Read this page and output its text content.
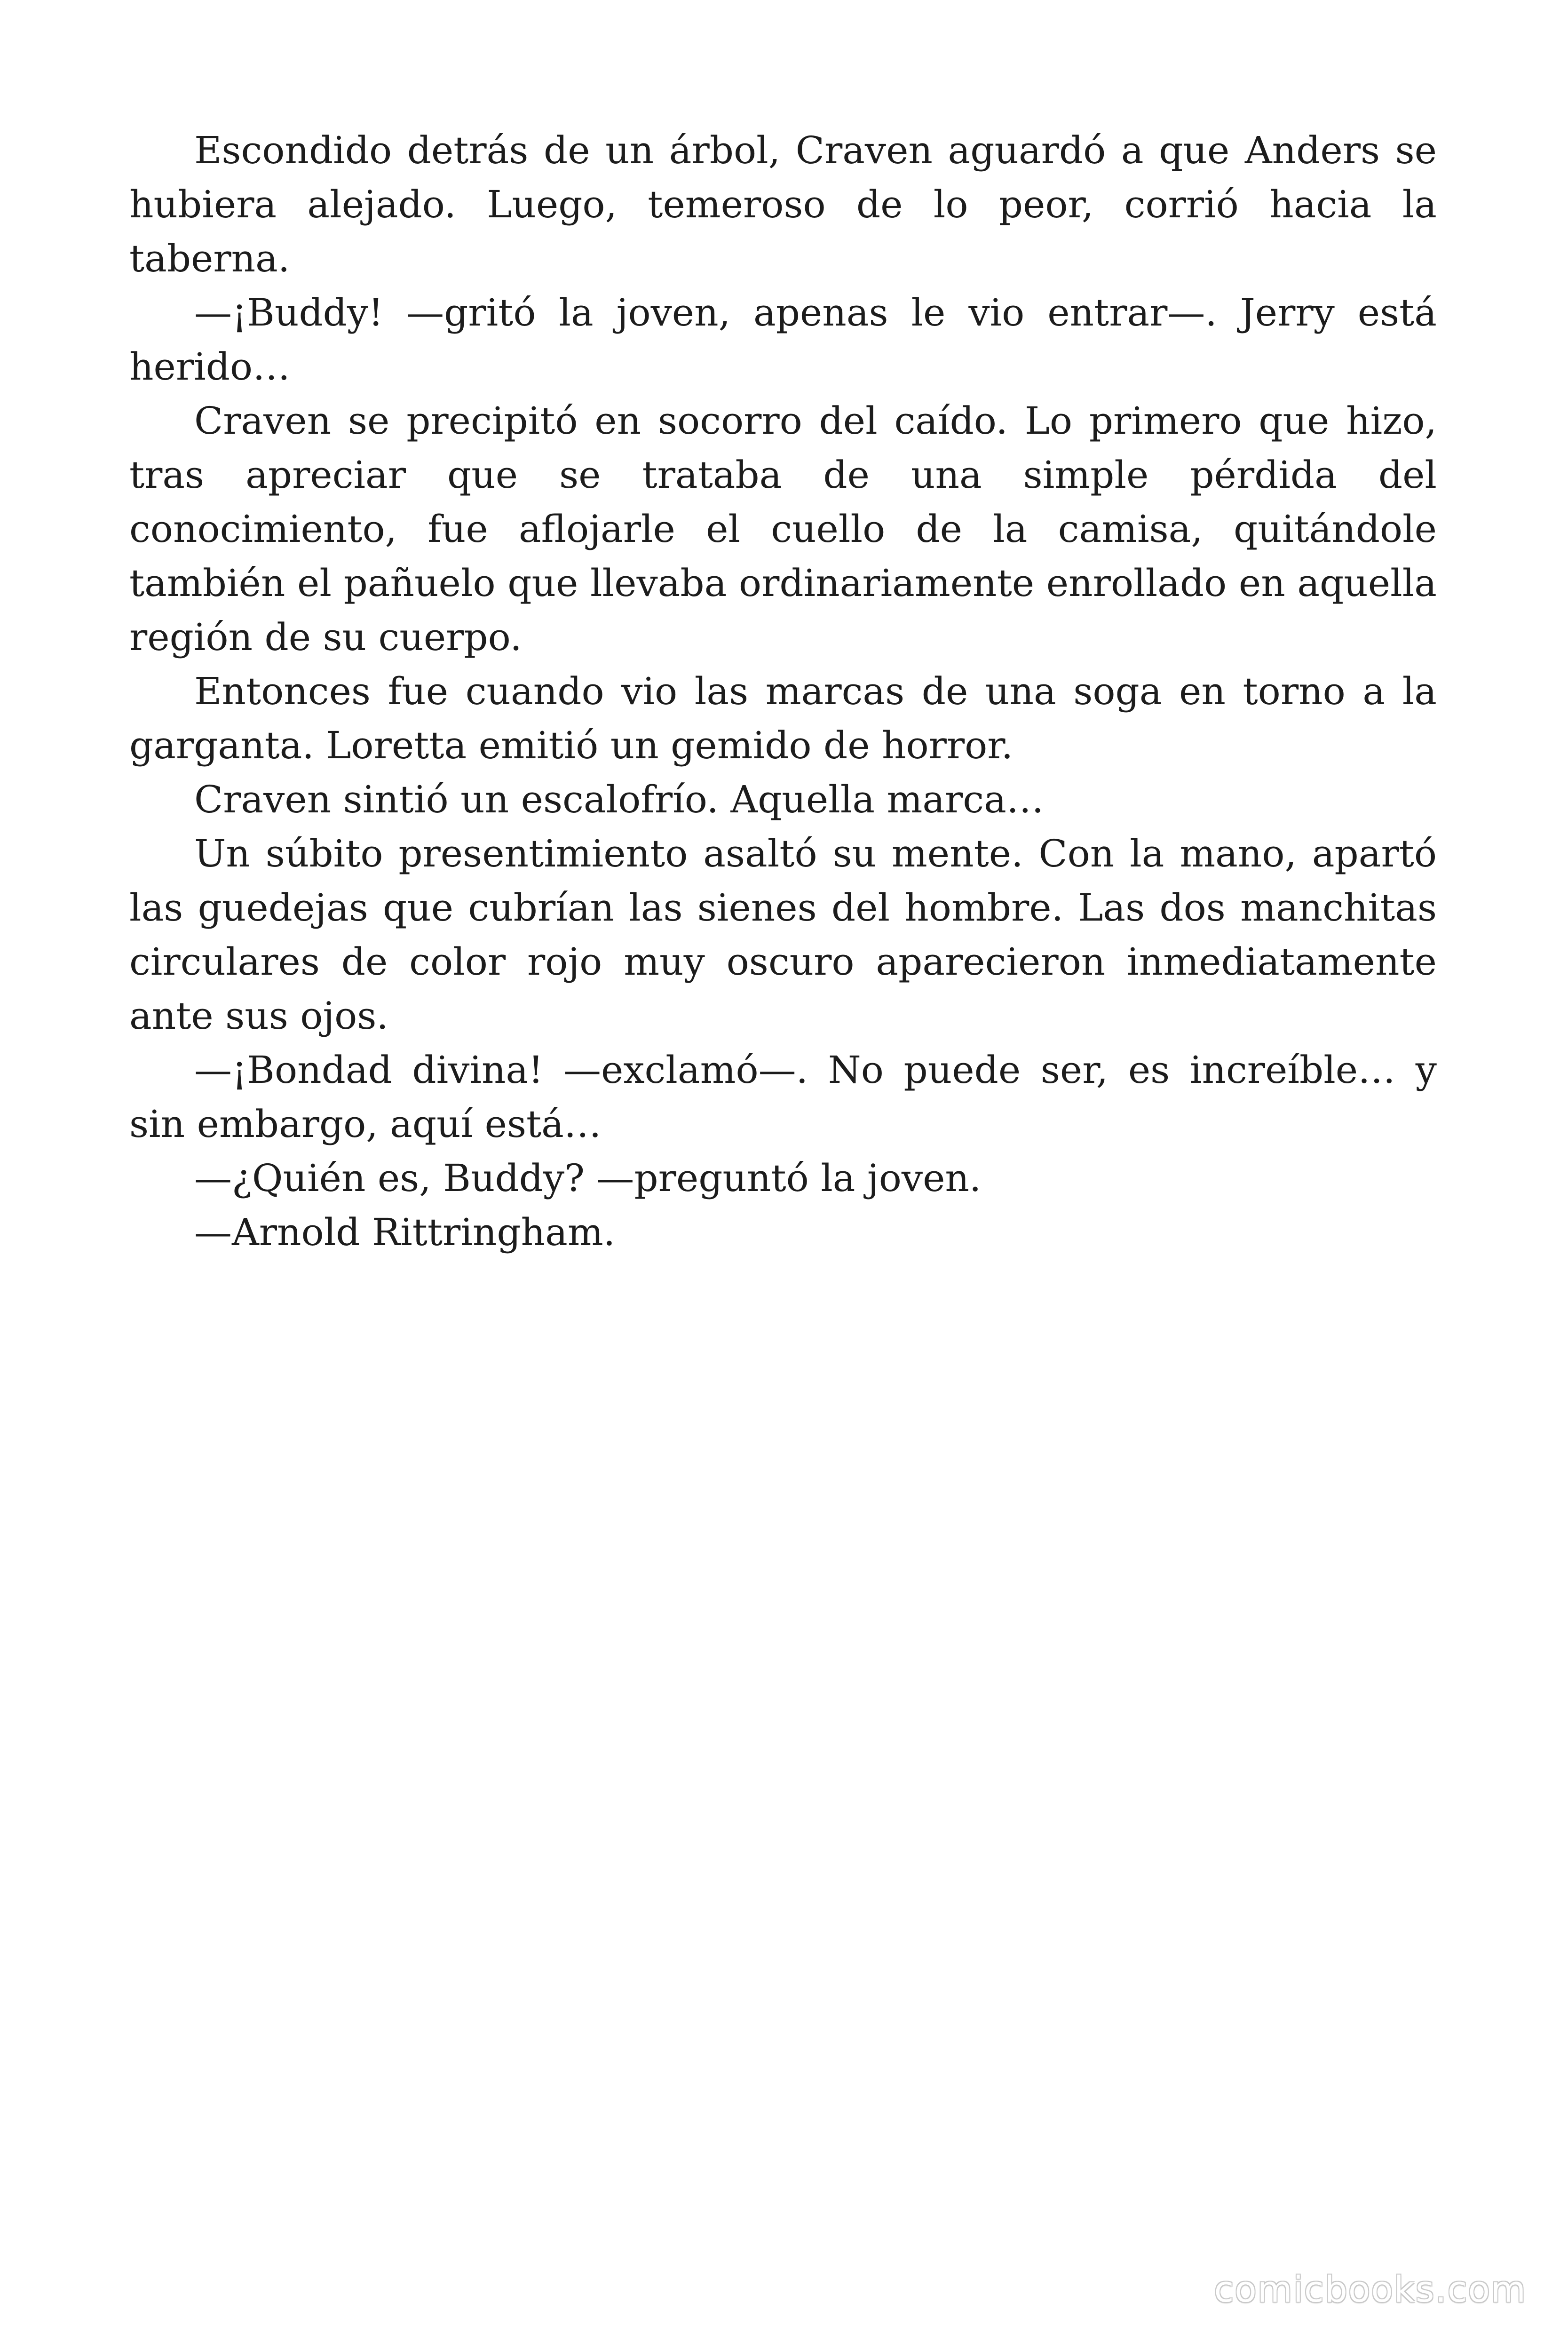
Escondido detrás de un árbol, Craven aguardó a que Anders se hubiera alejado. Luego, temeroso de lo peor, corrió hacia la taberna.

—¡Buddy! —gritó la joven, apenas le vio entrar—. Jerry está herido…

Craven se precipitó en socorro del caído. Lo primero que hizo, tras apreciar que se trataba de una simple pérdida del conocimiento, fue aflojarle el cuello de la camisa, quitándole también el pañuelo que llevaba ordinariamente enrollado en aquella región de su cuerpo.

Entonces fue cuando vio las marcas de una soga en torno a la garganta. Loretta emitió un gemido de horror.

Craven sintió un escalofrío. Aquella marca…

Un súbito presentimiento asaltó su mente. Con la mano, apartó las guedejas que cubrían las sienes del hombre. Las dos manchitas circulares de color rojo muy oscuro aparecieron inmediatamente ante sus ojos.

—¡Bondad divina! —exclamó—. No puede ser, es increíble… y sin embargo, aquí está…

—¿Quién es, Buddy? —preguntó la joven.

—Arnold Rittringham.

comicbooks.com
